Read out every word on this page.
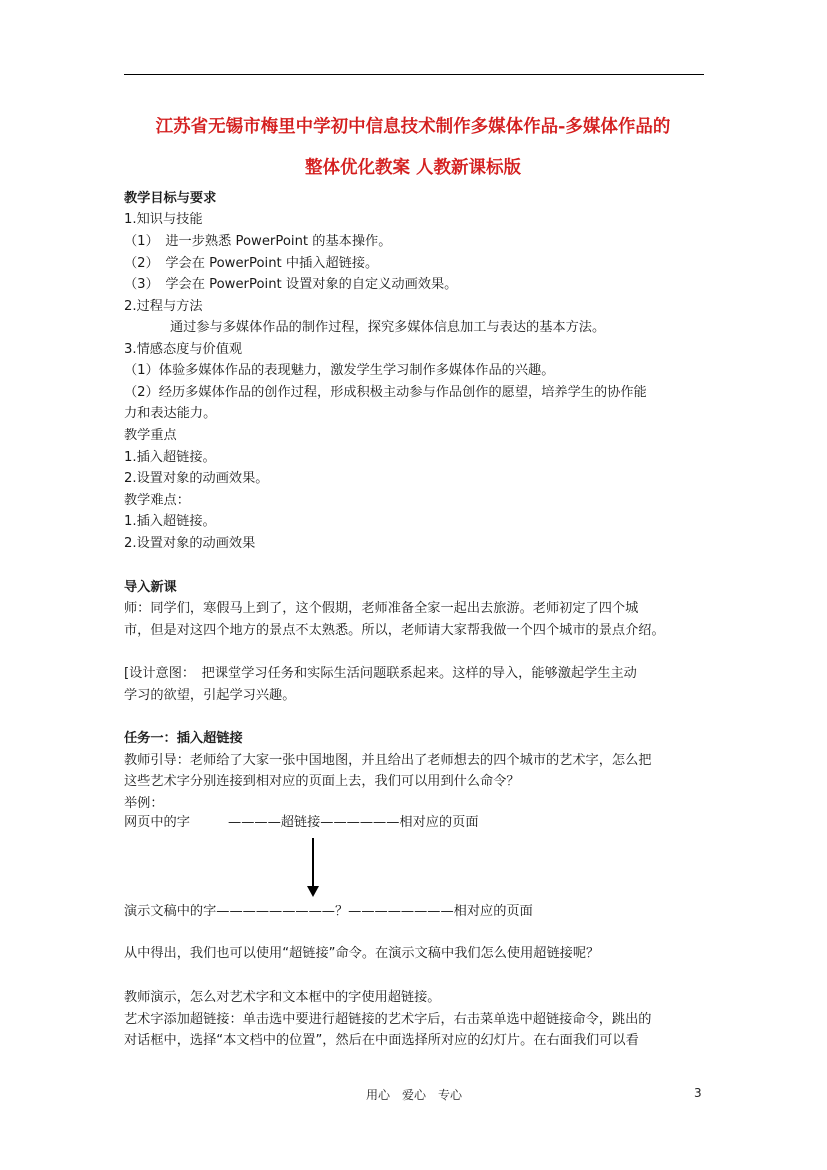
江苏省无锡市梅里中学初中信息技术制作多媒体作品-多媒体作品的
整体优化教案 人教新课标版
教学目标与要求
1.知识与技能
（1）　进一步熟悉 PowerPoint 的基本操作。
（2）　学会在 PowerPoint 中插入超链接。
（3）　学会在 PowerPoint 设置对象的自定义动画效果。
2.过程与方法
通过参与多媒体作品的制作过程，探究多媒体信息加工与表达的基本方法。
3.情感态度与价值观
（1）体验多媒体作品的表现魅力，激发学生学习制作多媒体作品的兴趣。
（2）经历多媒体作品的创作过程，形成积极主动参与作品创作的愿望，培养学生的协作能
力和表达能力。
教学重点
1.插入超链接。
2.设置对象的动画效果。
教学难点：
1.插入超链接。
2.设置对象的动画效果
导入新课
师：同学们，寒假马上到了，这个假期，老师准备全家一起出去旅游。老师初定了四个城
市，但是对这四个地方的景点不太熟悉。所以，老师请大家帮我做一个四个城市的景点介绍。
[设计意图：　把课堂学习任务和实际生活问题联系起来。这样的导入，能够激起学生主动
学习的欲望，引起学习兴趣。
任务一：插入超链接
教师引导：老师给了大家一张中国地图，并且给出了老师想去的四个城市的艺术字，怎么把
这些艺术字分别连接到相对应的页面上去，我们可以用到什么命令？
举例：
网页中的字	————超链接——————相对应的页面
演示文稿中的字—————————？————————相对应的页面
从中得出，我们也可以使用“超链接”命令。在演示文稿中我们怎么使用超链接呢？
教师演示，怎么对艺术字和文本框中的字使用超链接。
艺术字添加超链接：单击选中要进行超链接的艺术字后，右击菜单选中超链接命令，跳出的
对话框中，选择“本文档中的位置”，然后在中面选择所对应的幻灯片。在右面我们可以看
用心　爱心　专心	3
